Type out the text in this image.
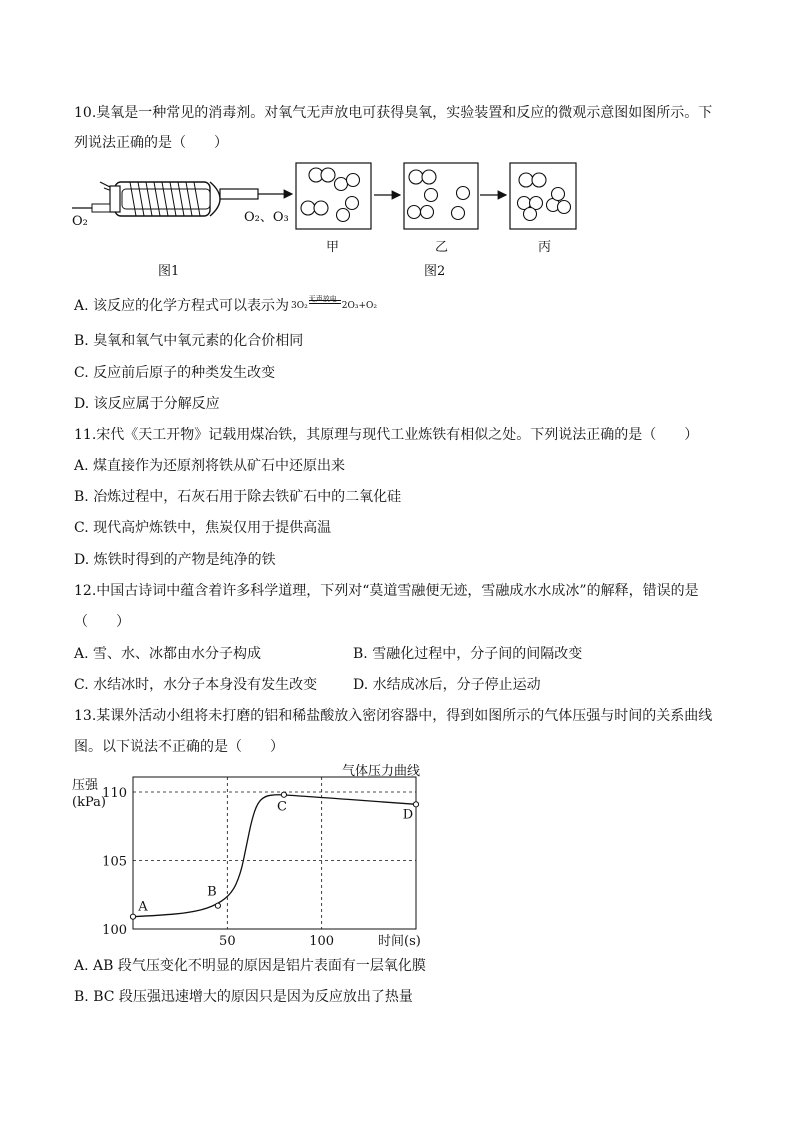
10.臭氧是一种常见的消毒剂。对氧气无声放电可获得臭氧，实验装置和反应的微观示意图如图所示。下
列说法正确的是（　　）
O₂	O₂、O₃
图1
甲	乙	丙
图2
A. 该反应的化学方程式可以表示为 3O₂
无声放电
2O₃+O₂
B. 臭氧和氧气中氧元素的化合价相同
C. 反应前后原子的种类发生改变
D. 该反应属于分解反应
11.宋代《天工开物》记载用煤冶铁，其原理与现代工业炼铁有相似之处。下列说法正确的是（　　）
A. 煤直接作为还原剂将铁从矿石中还原出来
B. 冶炼过程中，石灰石用于除去铁矿石中的二氧化硅
C. 现代高炉炼铁中，焦炭仅用于提供高温
D. 炼铁时得到的产物是纯净的铁
12.中国古诗词中蕴含着许多科学道理，下列对“莫道雪融便无迹，雪融成水水成冰”的解释，错误的是
（　　）
A. 雪、水、冰都由水分子构成	B. 雪融化过程中，分子间的间隔改变
C. 水结冰时，水分子本身没有发生改变	D. 水结成冰后，分子停止运动
13.某课外活动小组将未打磨的铝和稀盐酸放入密闭容器中，得到如图所示的气体压强与时间的关系曲线
图。以下说法不正确的是（　　）
气体压力曲线
压强
(kPa)
时间(s)
50	100
100
105
110
A
B
C
D
A. AB 段气压变化不明显的原因是铝片表面有一层氧化膜
B. BC 段压强迅速增大的原因只是因为反应放出了热量
